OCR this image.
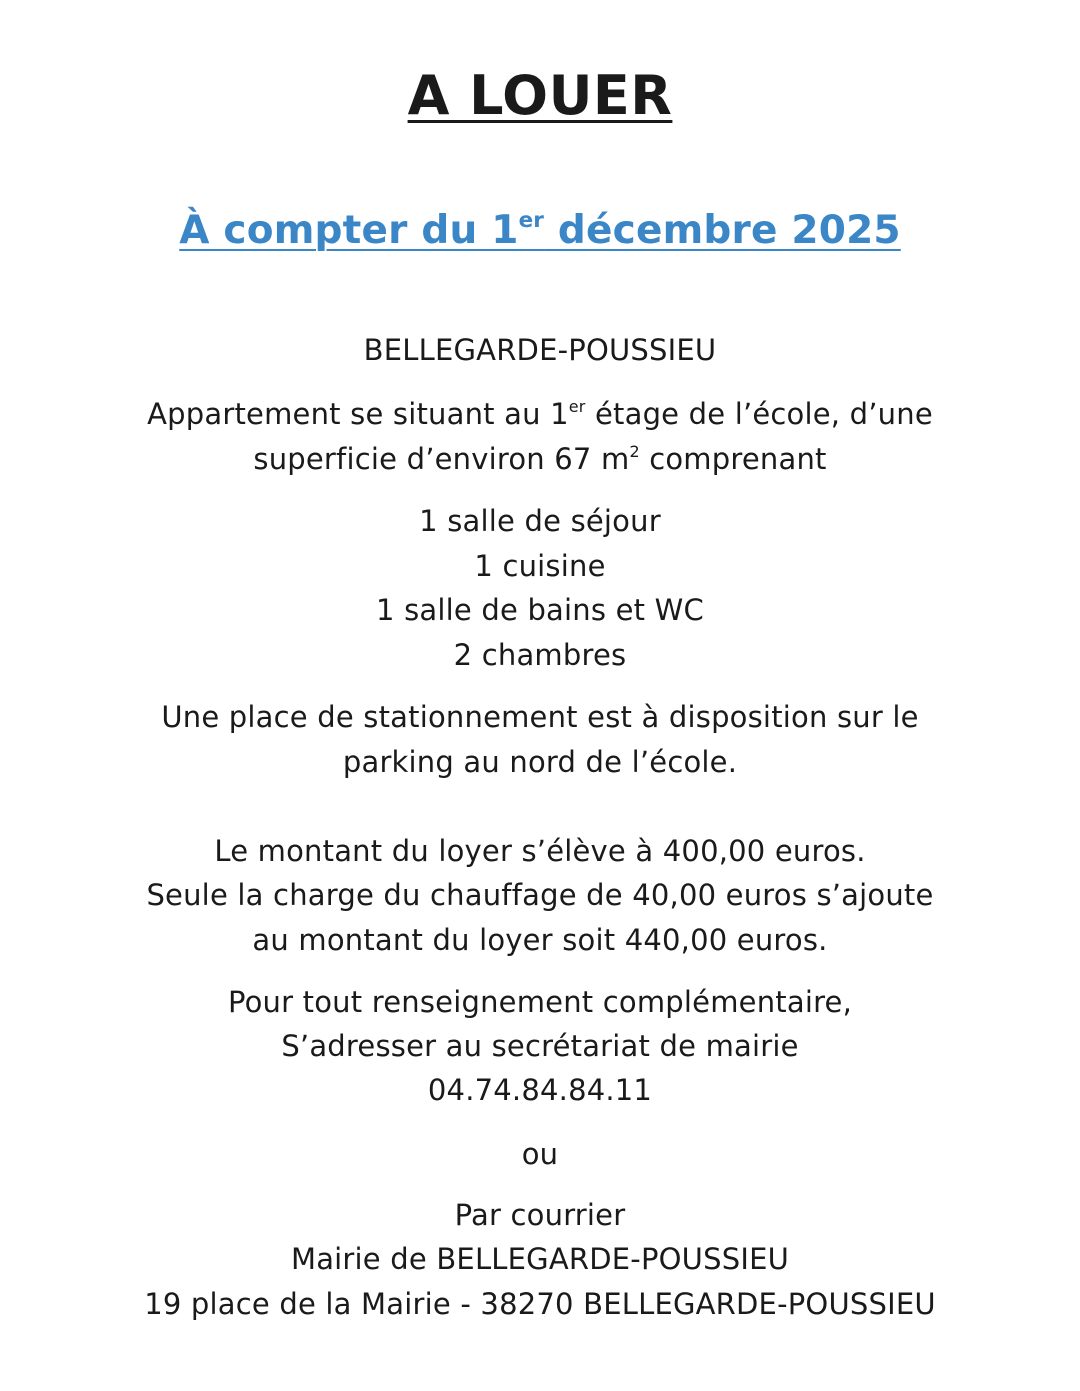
A LOUER
À compter du 1er décembre 2025
BELLEGARDE-POUSSIEU
Appartement se situant au 1er étage de l’école, d’une
superficie d’environ 67 $m^2$ comprenant
1 salle de séjour
1 cuisine
1 salle de bains et WC
2 chambres
Une place de stationnement est à disposition sur le
parking au nord de l’école.
Le montant du loyer s’élève à 400,00 euros.
Seule la charge du chauffage de 40,00 euros s’ajoute
au montant du loyer soit 440,00 euros.
Pour tout renseignement complémentaire,
S’adresser au secrétariat de mairie
04.74.84.84.11
ou
Par courrier
Mairie de BELLEGARDE-POUSSIEU
19 place de la Mairie - 38270 BELLEGARDE-POUSSIEU
